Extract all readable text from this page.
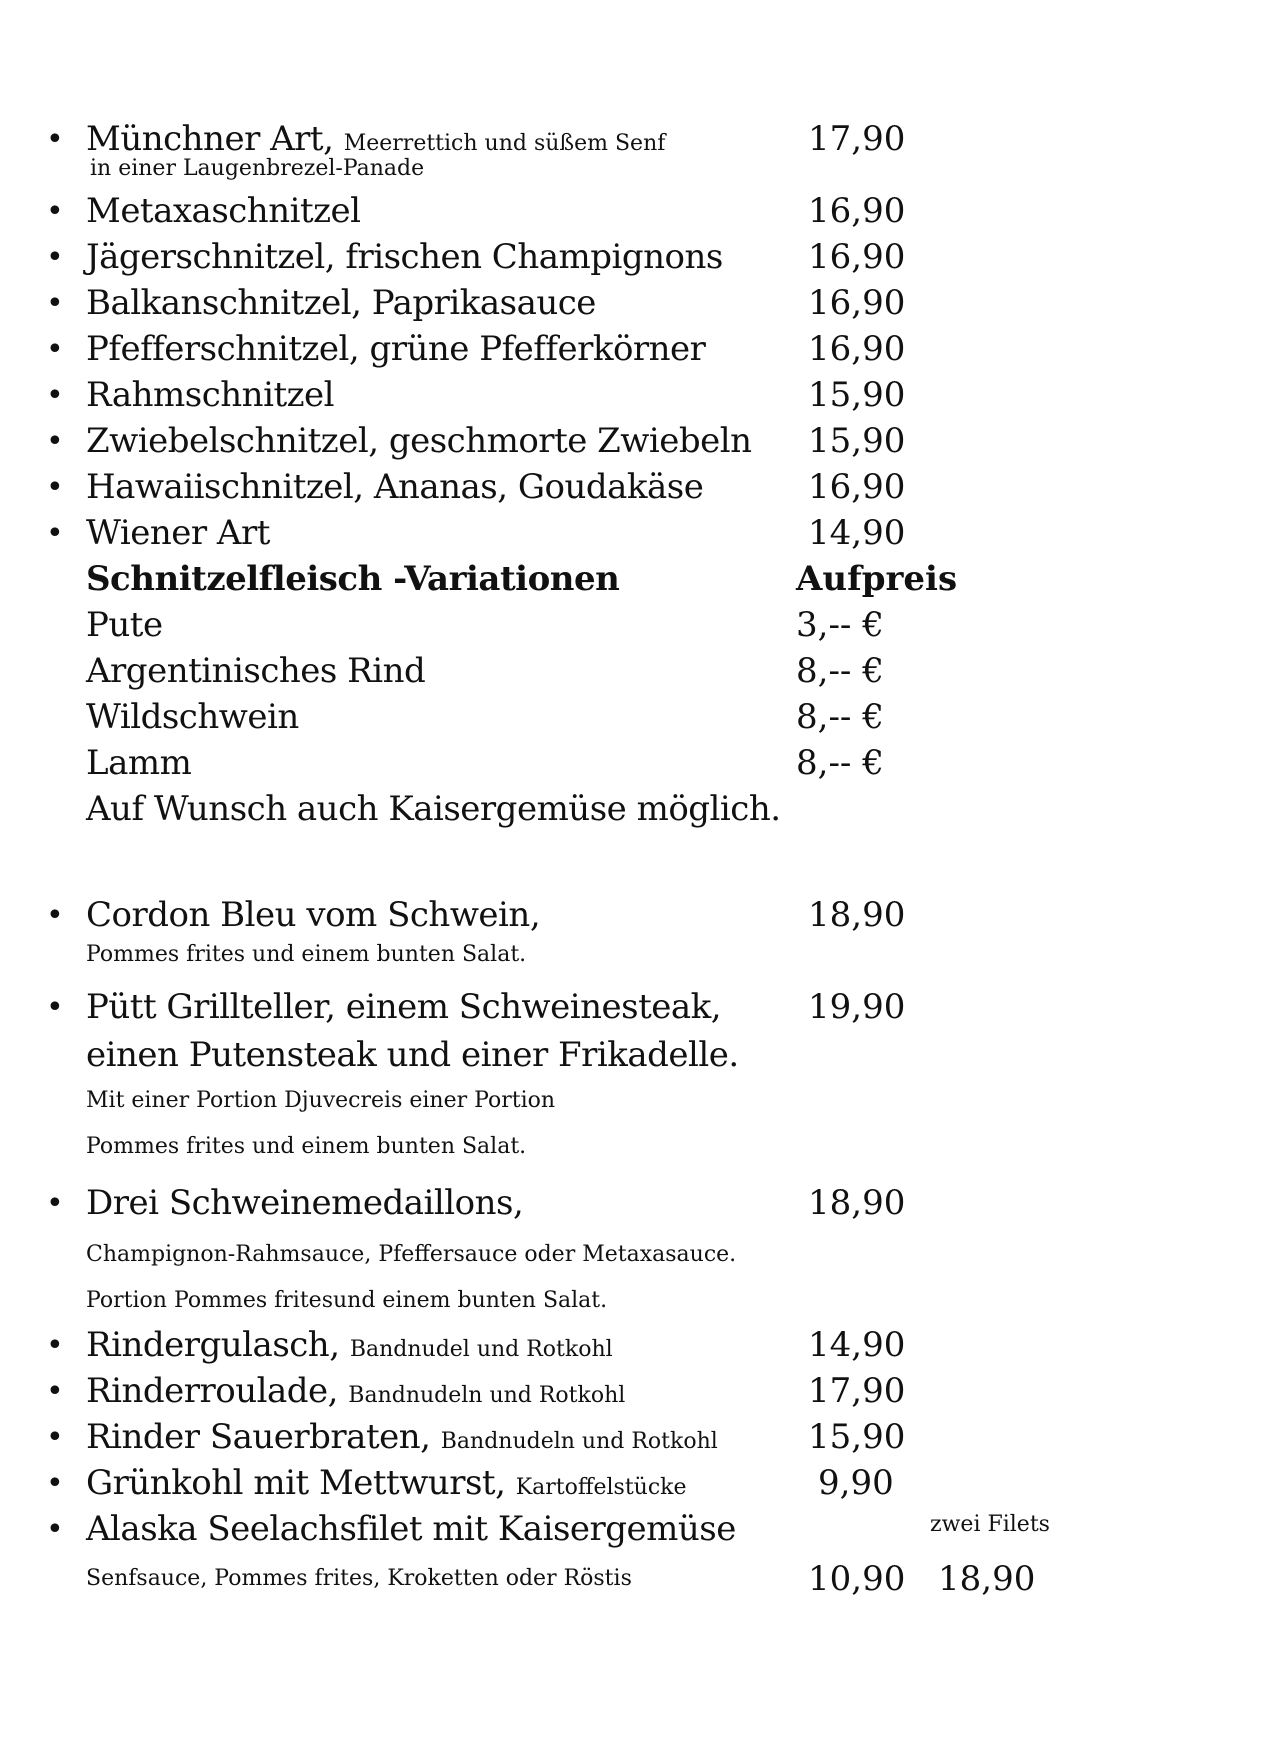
• Münchner Art, Meerrettich und süßem Senf	17,90
in einer Laugenbrezel-Panade
• Metaxaschnitzel	16,90
• Jägerschnitzel, frischen Champignons	16,90
• Balkanschnitzel, Paprikasauce	16,90
• Pfefferschnitzel, grüne Pfefferkörner	16,90
• Rahmschnitzel	15,90
• Zwiebelschnitzel, geschmorte Zwiebeln 15,90
• Hawaiischnitzel, Ananas, Goudakäse	16,90
• Wiener Art	14,90
Schnitzelfleisch -Variationen	Aufpreis
Pute	3,-- €
Argentinisches Rind	8,-- €
Wildschwein	8,-- €
Lamm	8,-- €
Auf Wunsch auch Kaisergemüse möglich.
• Cordon Bleu vom Schwein,	18,90
Pommes frites und einem bunten Salat.
• Pütt Grillteller, einem Schweinesteak,	19,90
einen Putensteak und einer Frikadelle.
Mit einer Portion Djuvecreis einer Portion
Pommes frites und einem bunten Salat.
• Drei Schweinemedaillons,	18,90
Champignon-Rahmsauce, Pfeffersauce oder Metaxasauce.
Portion Pommes fritesund einem bunten Salat.
• Rindergulasch, Bandnudel und Rotkohl	14,90
• Rinderroulade, Bandnudeln und Rotkohl	17,90
• Rinder Sauerbraten, Bandnudeln und Rotkohl	15,90
• Grünkohl mit Mettwurst, Kartoffelstücke	9,90
• Alaska Seelachsfilet mit Kaisergemüse	zwei Filets
Senfsauce, Pommes frites, Kroketten oder Röstis	10,90 18,90
